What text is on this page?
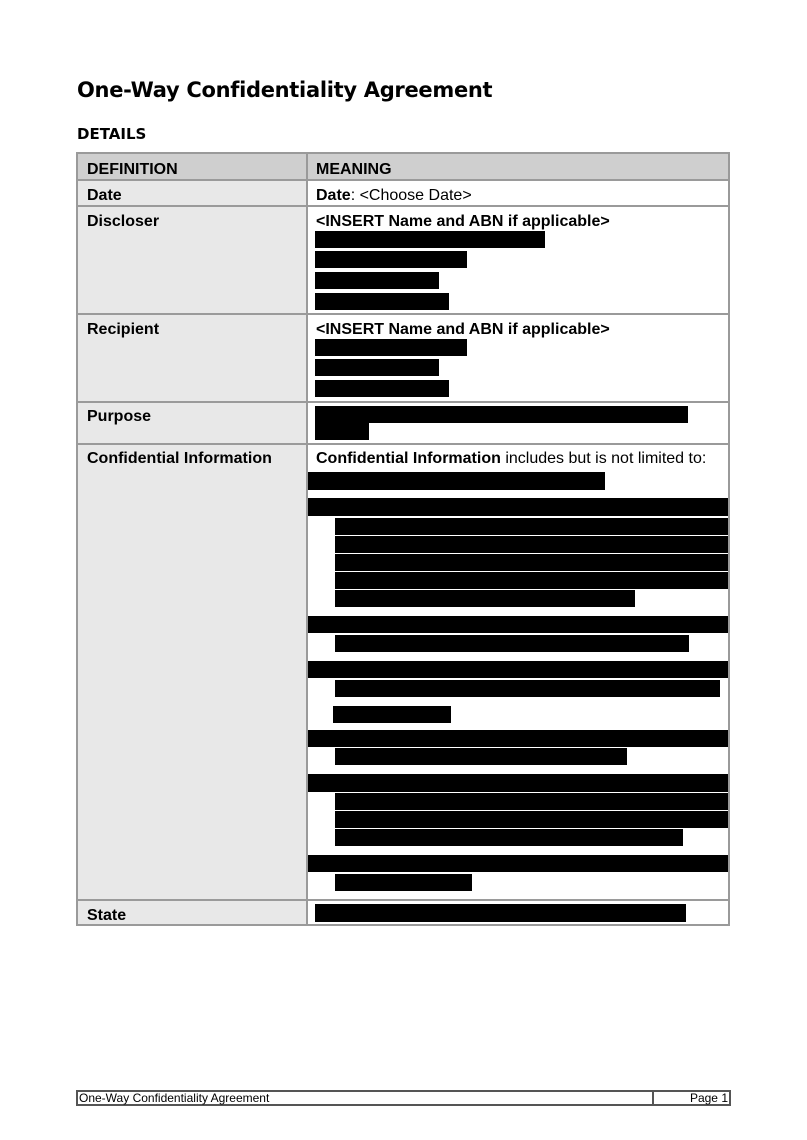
One-Way Confidentiality Agreement
DETAILS
DEFINITION	MEANING
Date
Discloser
Recipient
Purpose
Confidential Information
State
Date: <Choose Date>
<INSERT Name and ABN if applicable>
<INSERT Name and ABN if applicable>
Confidential Information includes but is not limited to:
One-Way Confidentiality Agreement	Page 1
